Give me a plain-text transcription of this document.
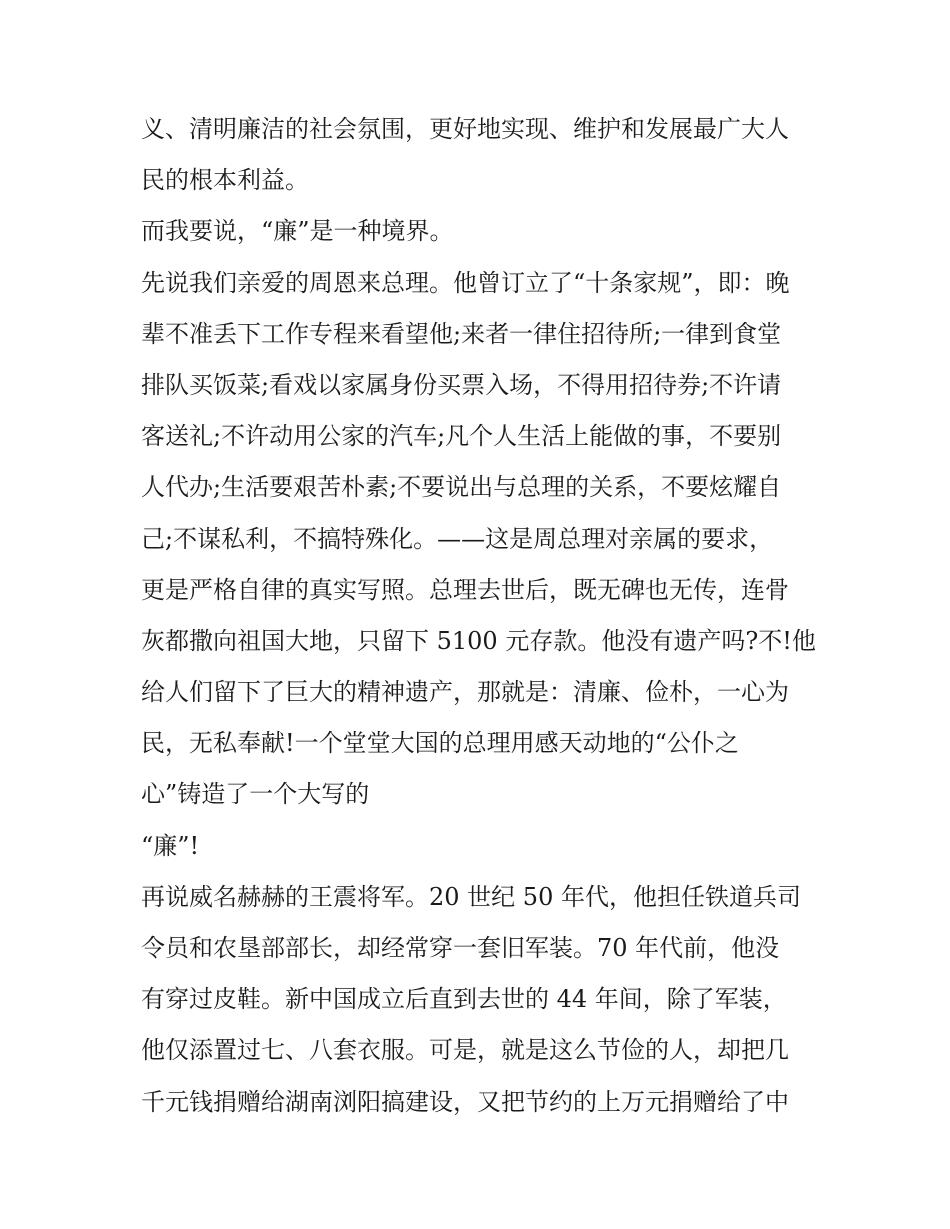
义、清明廉洁的社会氛围，更好地实现、维护和发展最广大人
民的根本利益。
而我要说，“廉”是一种境界。
先说我们亲爱的周恩来总理。他曾订立了“十条家规”，即：晚
辈不准丢下工作专程来看望他;来者一律住招待所;一律到食堂
排队买饭菜;看戏以家属身份买票入场，不得用招待券;不许请
客送礼;不许动用公家的汽车;凡个人生活上能做的事，不要别
人代办;生活要艰苦朴素;不要说出与总理的关系，不要炫耀自
己;不谋私利，不搞特殊化。——这是周总理对亲属的要求，
更是严格自律的真实写照。总理去世后，既无碑也无传，连骨
灰都撒向祖国大地，只留下 5100 元存款。他没有遗产吗?不!他
给人们留下了巨大的精神遗产，那就是：清廉、俭朴，一心为
民，无私奉献!一个堂堂大国的总理用感天动地的“公仆之
心”铸造了一个大写的
“廉”!
再说威名赫赫的王震将军。20 世纪 50 年代，他担任铁道兵司
令员和农垦部部长，却经常穿一套旧军装。70 年代前，他没
有穿过皮鞋。新中国成立后直到去世的 44 年间，除了军装，
他仅添置过七、八套衣服。可是，就是这么节俭的人，却把几
千元钱捐赠给湖南浏阳搞建设，又把节约的上万元捐赠给了中
